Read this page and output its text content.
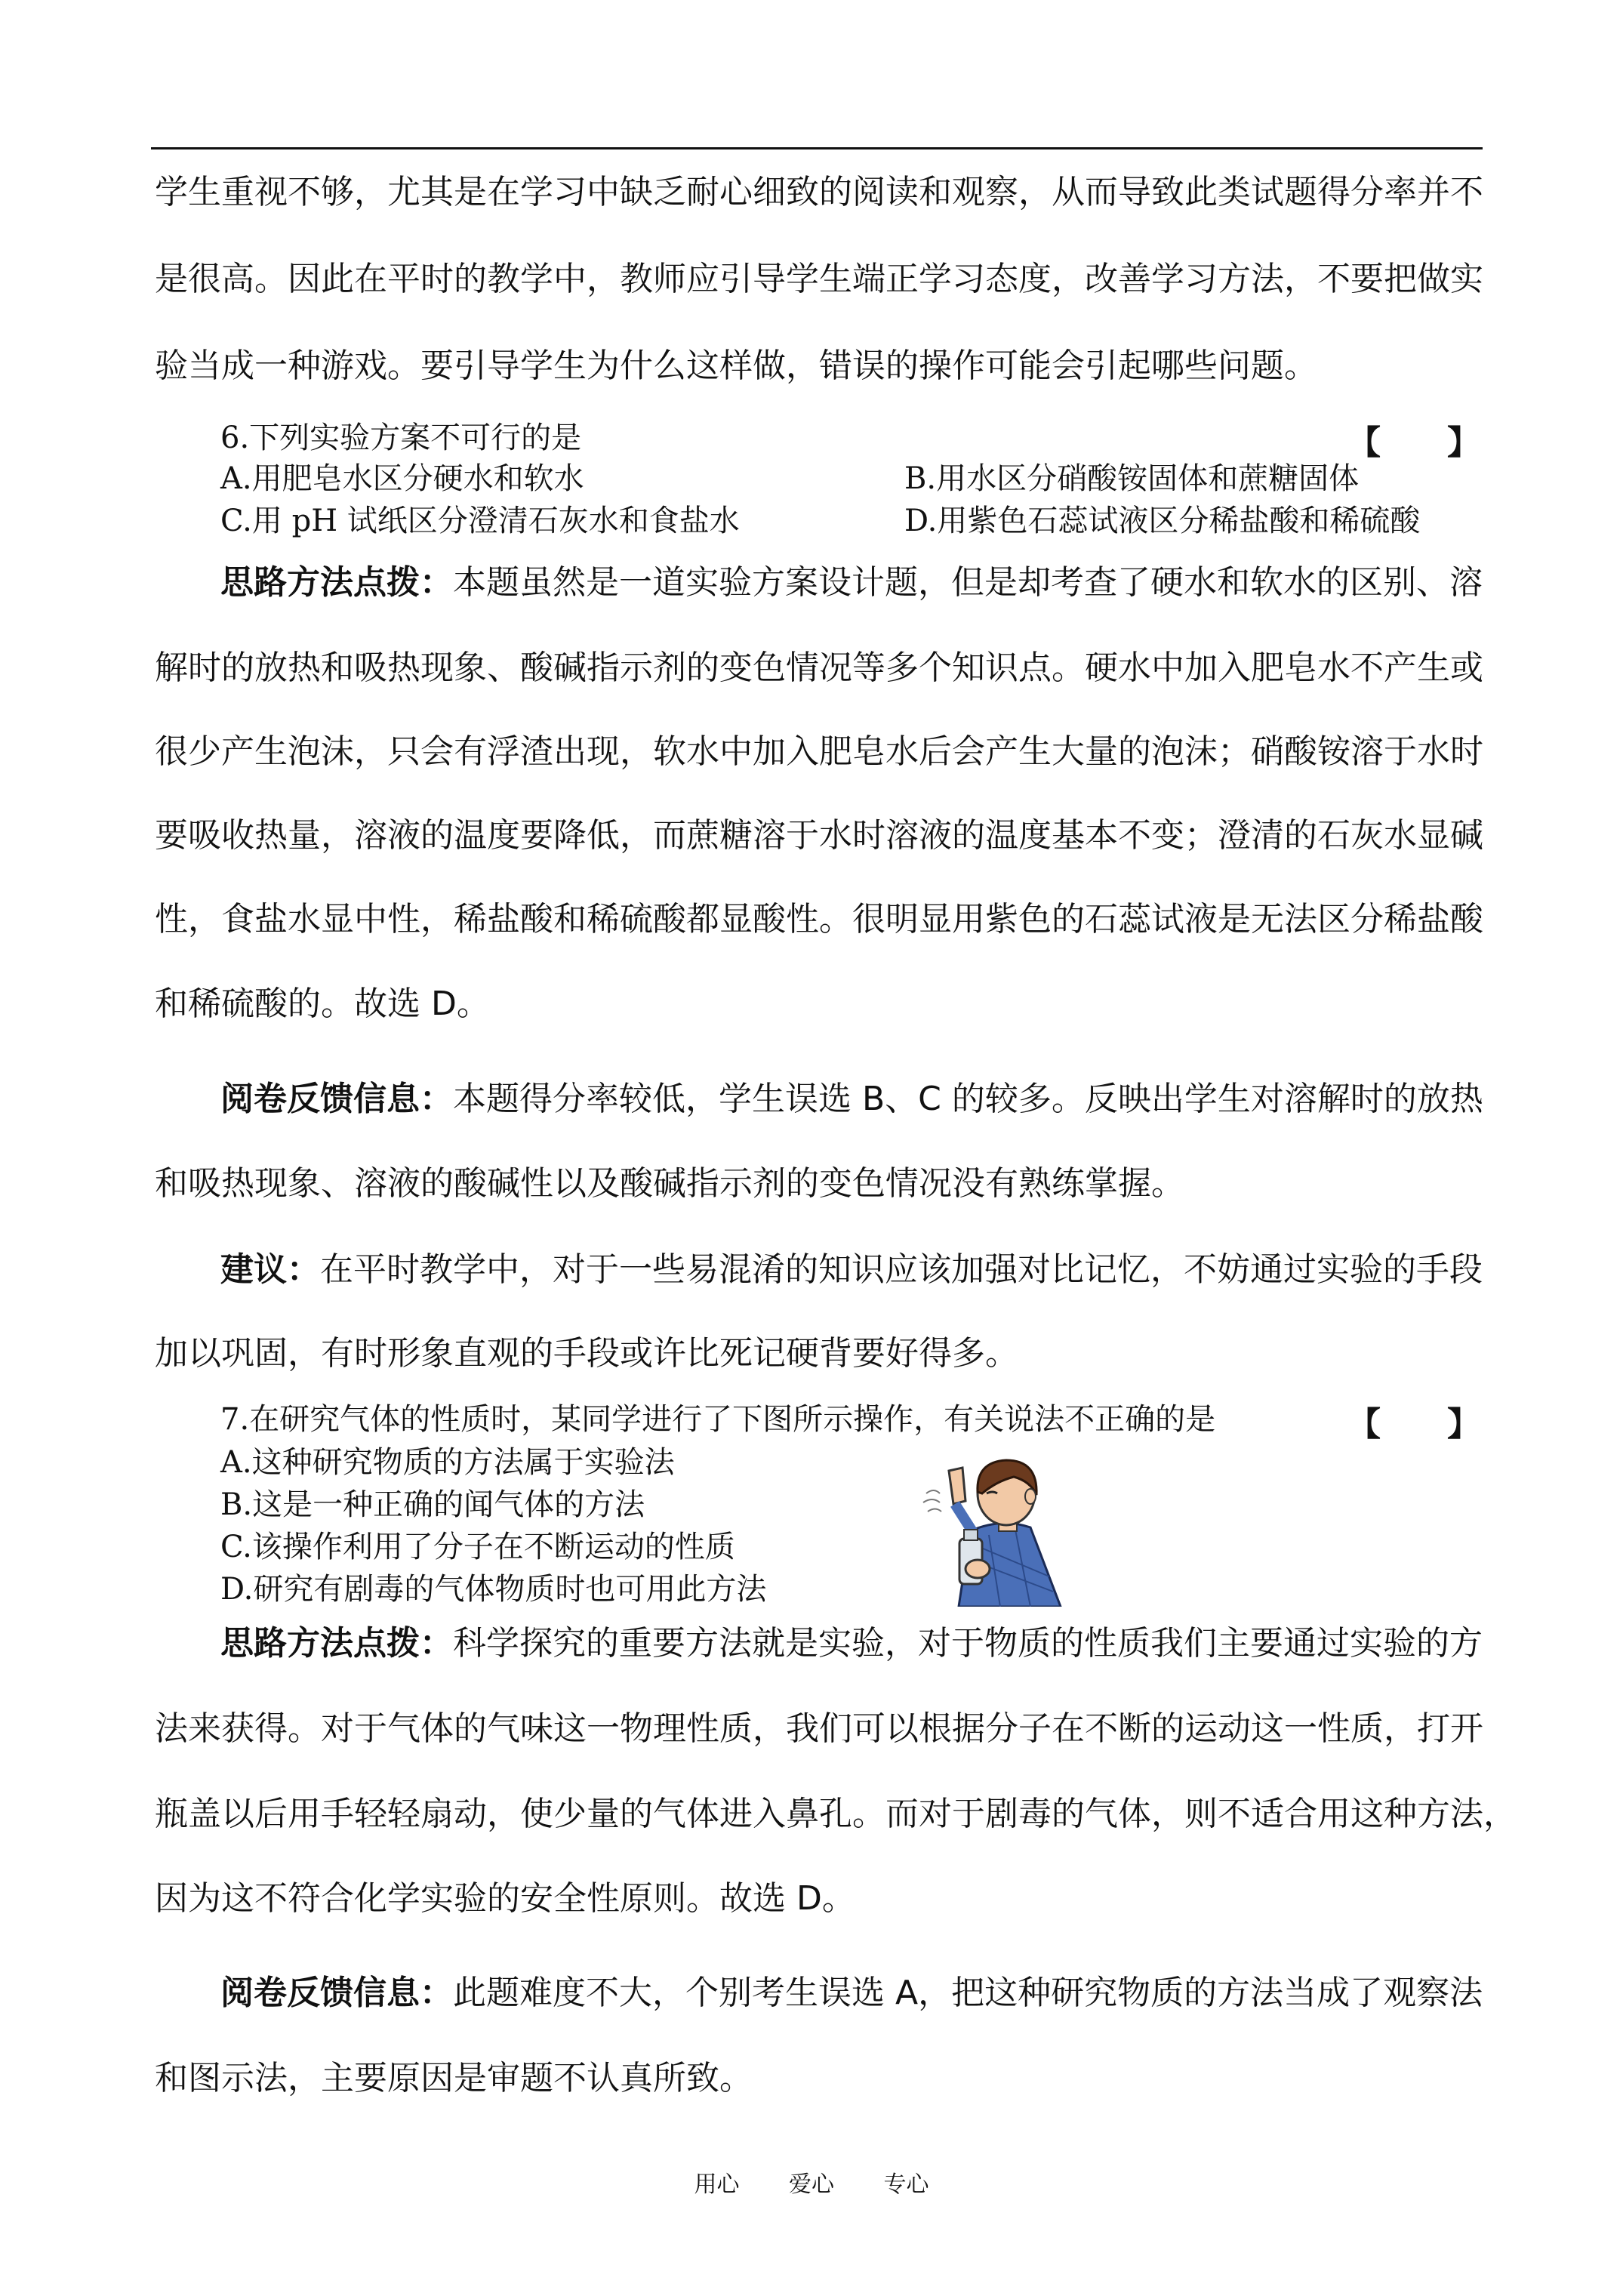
学生重视不够，尤其是在学习中缺乏耐心细致的阅读和观察，从而导致此类试题得分率并不
是很高。因此在平时的教学中，教师应引导学生端正学习态度，改善学习方法，不要把做实
验当成一种游戏。要引导学生为什么这样做，错误的操作可能会引起哪些问题。
6.下列实验方案不可行的是	【　　】
A.用肥皂水区分硬水和软水	B.用水区分硝酸铵固体和蔗糖固体
C.用 pH 试纸区分澄清石灰水和食盐水	D.用紫色石蕊试液区分稀盐酸和稀硫酸
思路方法点拨：本题虽然是一道实验方案设计题，但是却考查了硬水和软水的区别、溶
解时的放热和吸热现象、酸碱指示剂的变色情况等多个知识点。硬水中加入肥皂水不产生或
很少产生泡沫，只会有浮渣出现，软水中加入肥皂水后会产生大量的泡沫；硝酸铵溶于水时
要吸收热量，溶液的温度要降低，而蔗糖溶于水时溶液的温度基本不变；澄清的石灰水显碱
性，食盐水显中性，稀盐酸和稀硫酸都显酸性。很明显用紫色的石蕊试液是无法区分稀盐酸
和稀硫酸的。故选 D。
阅卷反馈信息：本题得分率较低，学生误选 B、C 的较多。反映出学生对溶解时的放热
和吸热现象、溶液的酸碱性以及酸碱指示剂的变色情况没有熟练掌握。
建议：在平时教学中，对于一些易混淆的知识应该加强对比记忆，不妨通过实验的手段
加以巩固，有时形象直观的手段或许比死记硬背要好得多。
7.在研究气体的性质时，某同学进行了下图所示操作，有关说法不正确的是	【　　】
A.这种研究物质的方法属于实验法
B.这是一种正确的闻气体的方法
C.该操作利用了分子在不断运动的性质
D.研究有剧毒的气体物质时也可用此方法
思路方法点拨：科学探究的重要方法就是实验，对于物质的性质我们主要通过实验的方
法来获得。对于气体的气味这一物理性质，我们可以根据分子在不断的运动这一性质，打开
瓶盖以后用手轻轻扇动，使少量的气体进入鼻孔。而对于剧毒的气体，则不适合用这种方法，
因为这不符合化学实验的安全性原则。故选 D。
阅卷反馈信息：此题难度不大，个别考生误选 A，把这种研究物质的方法当成了观察法
和图示法，主要原因是审题不认真所致。
用心 爱心 专心
